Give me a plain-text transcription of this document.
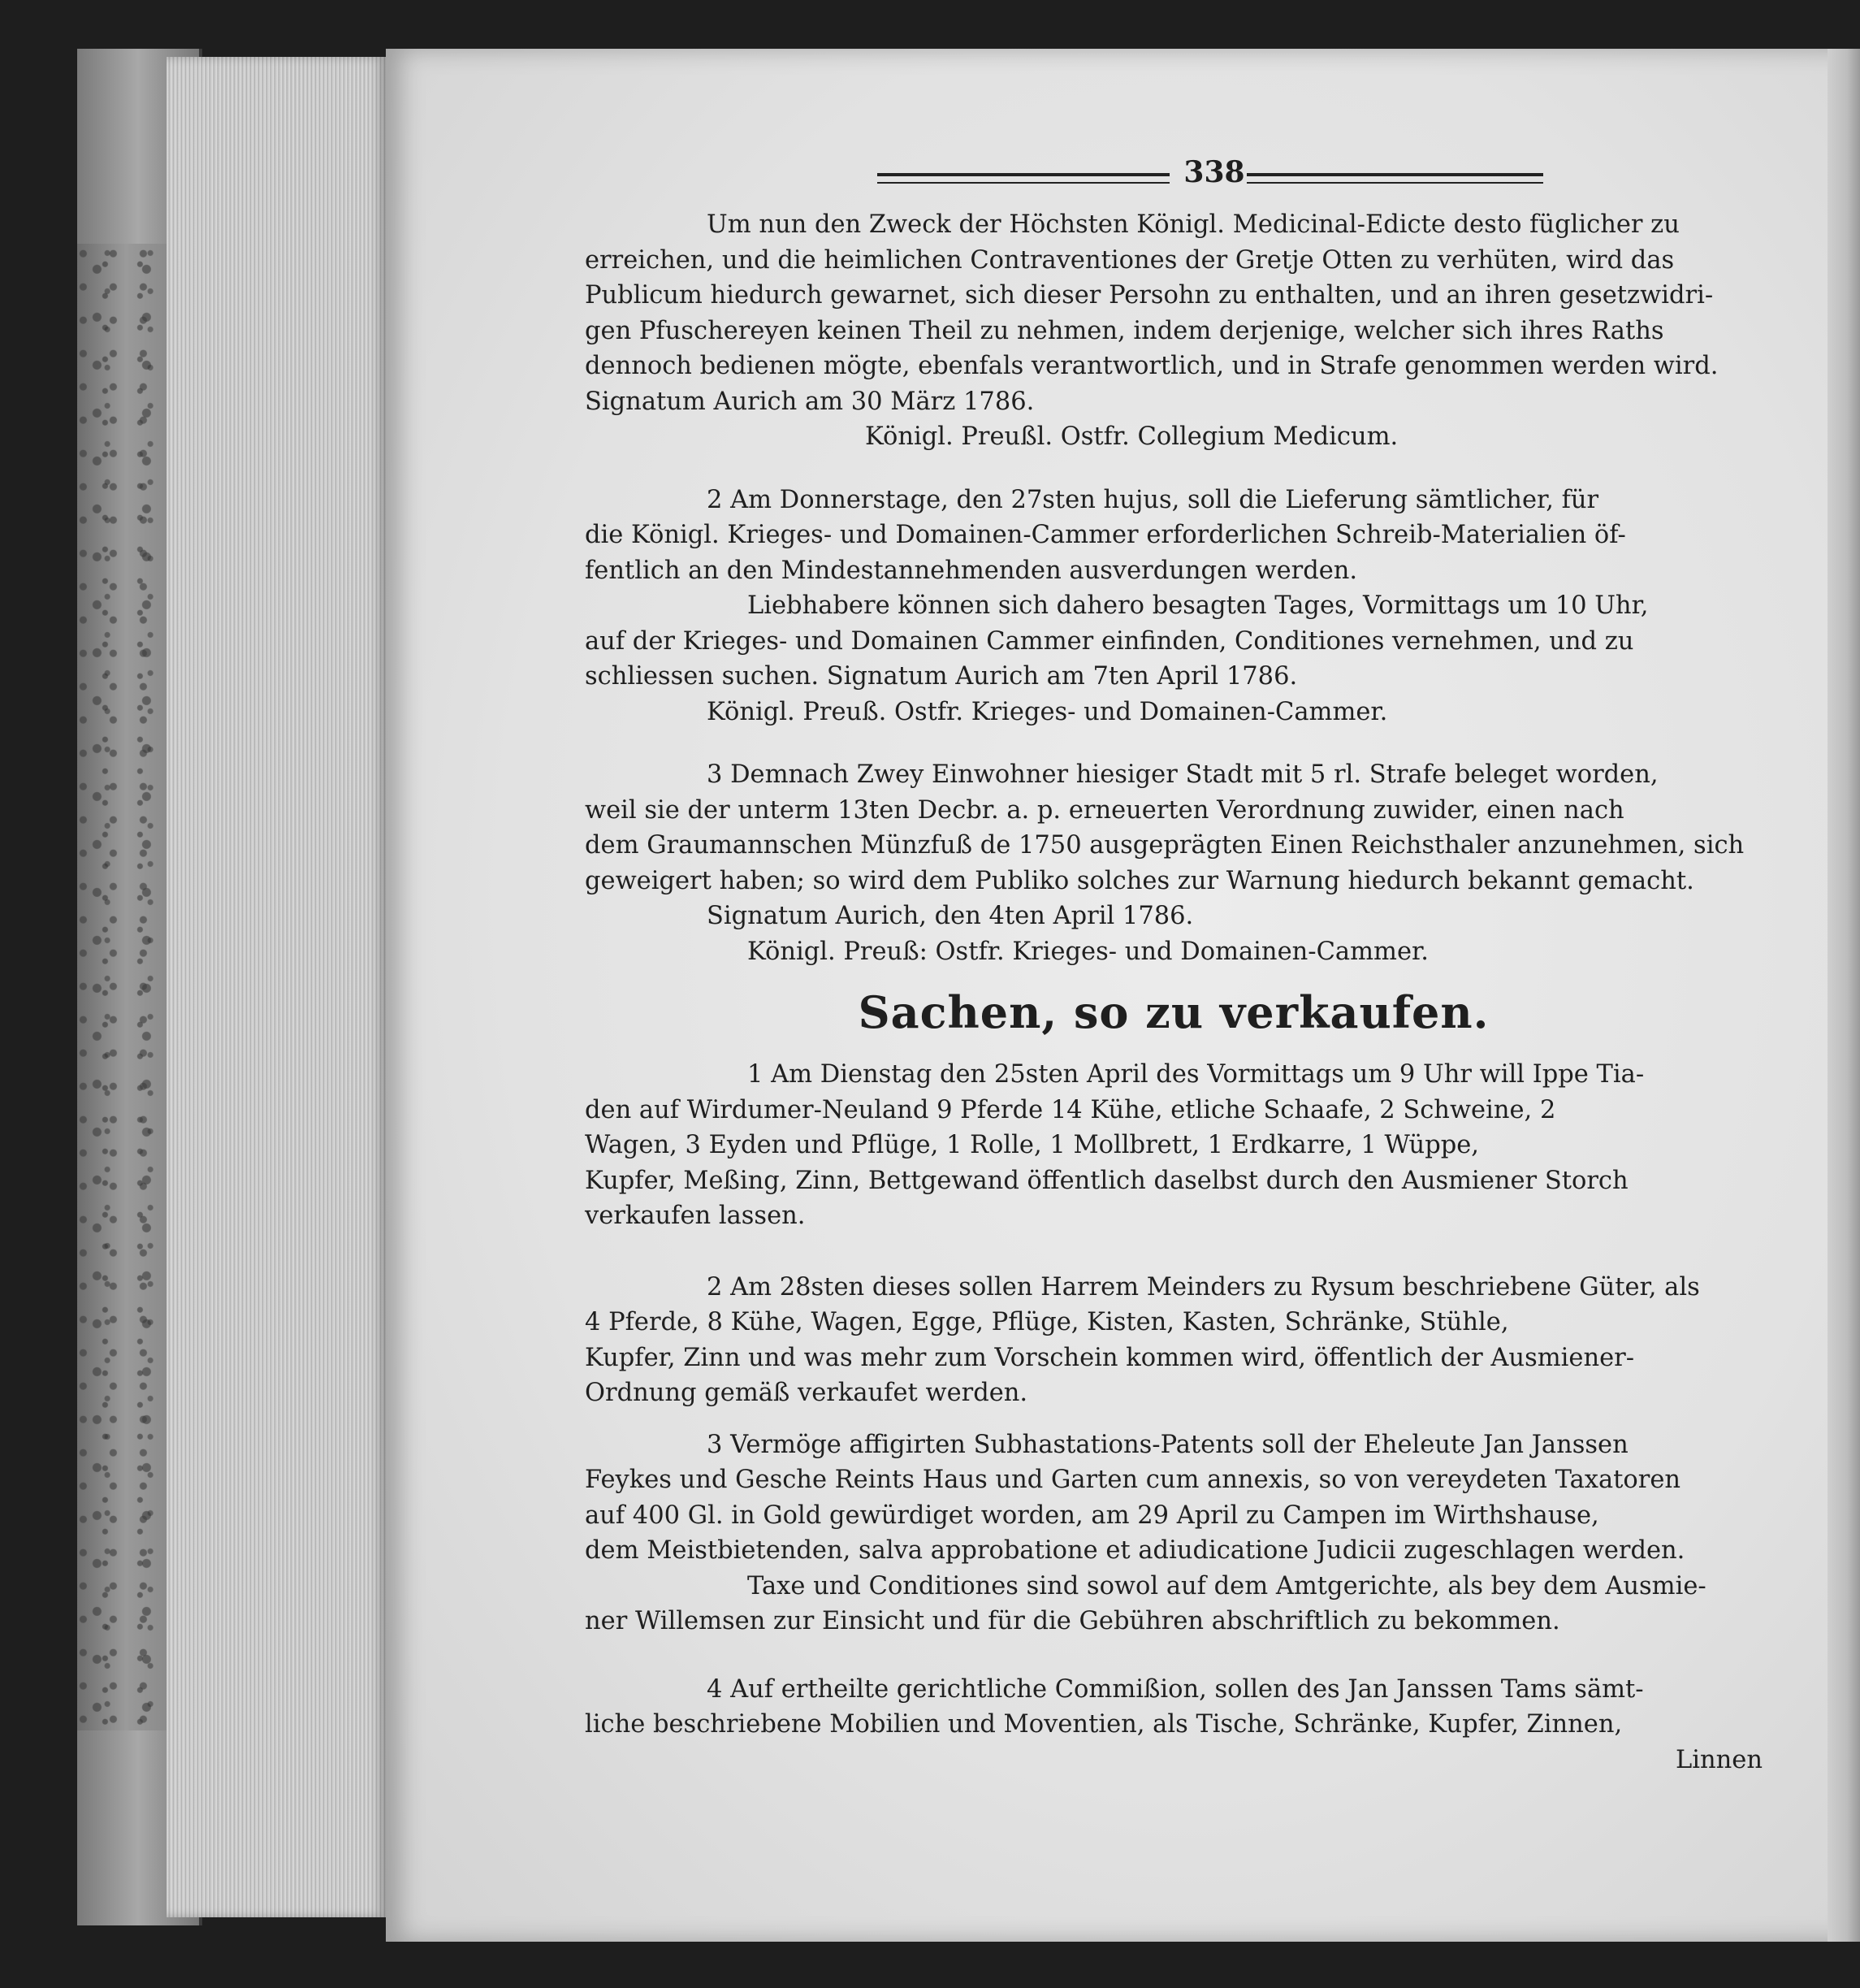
338

Um nun den Zweck der Höchsten Königl. Medicinal-Edicte desto füglicher zu

erreichen, und die heimlichen Contraventiones der Gretje Otten zu verhüten, wird das

Publicum hiedurch gewarnet, sich dieser Persohn zu enthalten, und an ihren gesetzwidri-

gen Pfuschereyen keinen Theil zu nehmen, indem derjenige, welcher sich ihres Raths

dennoch bedienen mögte, ebenfals verantwortlich, und in Strafe genommen werden wird.

Signatum Aurich am 30 März 1786.

Königl. Preußl. Ostfr. Collegium Medicum.

2 Am Donnerstage, den 27sten hujus, soll die Lieferung sämtlicher, für

die Königl. Krieges- und Domainen-Cammer erforderlichen Schreib-Materialien öf-

fentlich an den Mindestannehmenden ausverdungen werden.

Liebhabere können sich dahero besagten Tages, Vormittags um 10 Uhr,

auf der Krieges- und Domainen Cammer einfinden, Conditiones vernehmen, und zu

schliessen suchen. Signatum Aurich am 7ten April 1786.

Königl. Preuß. Ostfr. Krieges- und Domainen-Cammer.

3 Demnach Zwey Einwohner hiesiger Stadt mit 5 rl. Strafe beleget worden,

weil sie der unterm 13ten Decbr. a. p. erneuerten Verordnung zuwider, einen nach

dem Graumannschen Münzfuß de 1750 ausgeprägten Einen Reichsthaler anzunehmen, sich

geweigert haben; so wird dem Publiko solches zur Warnung hiedurch bekannt gemacht.

Signatum Aurich, den 4ten April 1786.

Königl. Preuß: Ostfr. Krieges- und Domainen-Cammer.

Sachen, so zu verkaufen.

1 Am Dienstag den 25sten April des Vormittags um 9 Uhr will Ippe Tia-

den auf Wirdumer-Neuland 9 Pferde 14 Kühe, etliche Schaafe, 2 Schweine, 2

Wagen, 3 Eyden und Pflüge, 1 Rolle, 1 Mollbrett, 1 Erdkarre, 1 Wüppe,

Kupfer, Meßing, Zinn, Bettgewand öffentlich daselbst durch den Ausmiener Storch

verkaufen lassen.

2 Am 28sten dieses sollen Harrem Meinders zu Rysum beschriebene Güter, als

4 Pferde, 8 Kühe, Wagen, Egge, Pflüge, Kisten, Kasten, Schränke, Stühle,

Kupfer, Zinn und was mehr zum Vorschein kommen wird, öffentlich der Ausmiener-

Ordnung gemäß verkaufet werden.

3 Vermöge affigirten Subhastations-Patents soll der Eheleute Jan Janssen

Feykes und Gesche Reints Haus und Garten cum annexis, so von vereydeten Taxatoren

auf 400 Gl. in Gold gewürdiget worden, am 29 April zu Campen im Wirthshause,

dem Meistbietenden, salva approbatione et adiudicatione Judicii zugeschlagen werden.

Taxe und Conditiones sind sowol auf dem Amtgerichte, als bey dem Ausmie-

ner Willemsen zur Einsicht und für die Gebühren abschriftlich zu bekommen.

4 Auf ertheilte gerichtliche Commißion, sollen des Jan Janssen Tams sämt-

liche beschriebene Mobilien und Moventien, als Tische, Schränke, Kupfer, Zinnen,

Linnen
